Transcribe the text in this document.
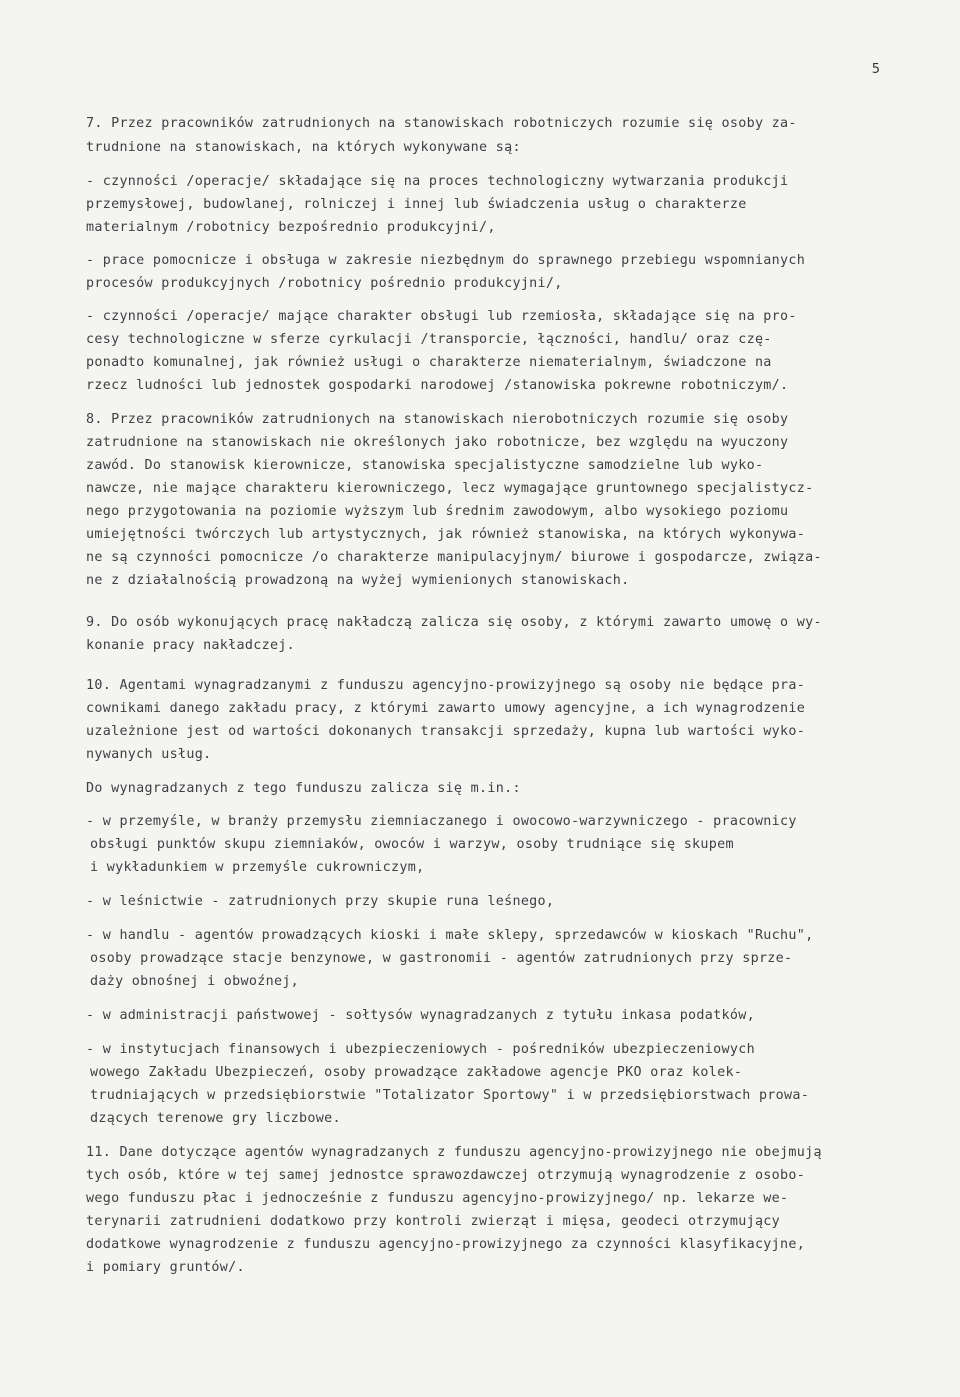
5
7. Przez pracowników zatrudnionych na stanowiskach robotniczych rozumie się osoby za-
trudnione na stanowiskach, na których wykonywane są:
- czynności /operacje/ składające się na proces technologiczny wytwarzania produkcji
przemysłowej, budowlanej, rolniczej i innej lub świadczenia usług o charakterze
materialnym /robotnicy bezpośrednio produkcyjni/,
- prace pomocnicze i obsługa w zakresie niezbędnym do sprawnego przebiegu wspomnianych
procesów produkcyjnych /robotnicy pośrednio produkcyjni/,
- czynności /operacje/ mające charakter obsługi lub rzemiosła, składające się na pro-
cesy technologiczne w sferze cyrkulacji /transporcie, łączności, handlu/ oraz czę-
ponadto komunalnej, jak również usługi o charakterze niematerialnym, świadczone na
rzecz ludności lub jednostek gospodarki narodowej /stanowiska pokrewne robotniczym/.
8. Przez pracowników zatrudnionych na stanowiskach nierobotniczych rozumie się osoby
zatrudnione na stanowiskach nie określonych jako robotnicze, bez względu na wyuczony
zawód. Do stanowisk kierownicze, stanowiska specjalistyczne samodzielne lub wyko-
nawcze, nie mające charakteru kierowniczego, lecz wymagające gruntownego specjalistycz-
nego przygotowania na poziomie wyższym lub średnim zawodowym, albo wysokiego poziomu
umiejętności twórczych lub artystycznych, jak również stanowiska, na których wykonywa-
ne są czynności pomocnicze /o charakterze manipulacyjnym/ biurowe i gospodarcze, związa-
ne z działalnością prowadzoną na wyżej wymienionych stanowiskach.
9. Do osób wykonujących pracę nakładczą zalicza się osoby, z którymi zawarto umowę o wy-
konanie pracy nakładczej.
10. Agentami wynagradzanymi z funduszu agencyjno-prowizyjnego są osoby nie będące pra-
cownikami danego zakładu pracy, z którymi zawarto umowy agencyjne, a ich wynagrodzenie
uzależnione jest od wartości dokonanych transakcji sprzedaży, kupna lub wartości wyko-
nywanych usług.
Do wynagradzanych z tego funduszu zalicza się m.in.:
- w przemyśle, w branży przemysłu ziemniaczanego i owocowo-warzywniczego - pracownicy
obsługi punktów skupu ziemniaków, owoców i warzyw, osoby trudniące się skupem
i wykładunkiem w przemyśle cukrowniczym,
- w leśnictwie - zatrudnionych przy skupie runa leśnego,
- w handlu - agentów prowadzących kioski i małe sklepy, sprzedawców w kioskach "Ruchu",
osoby prowadzące stacje benzynowe, w gastronomii - agentów zatrudnionych przy sprze-
daży obnośnej i obwoźnej,
- w administracji państwowej - sołtysów wynagradzanych z tytułu inkasa podatków,
- w instytucjach finansowych i ubezpieczeniowych - pośredników ubezpieczeniowych
wowego Zakładu Ubezpieczeń, osoby prowadzące zakładowe agencje PKO oraz kolek-
trudniających w przedsiębiorstwie "Totalizator Sportowy" i w przedsiębiorstwach prowa-
dzących terenowe gry liczbowe.
11. Dane dotyczące agentów wynagradzanych z funduszu agencyjno-prowizyjnego nie obejmują
tych osób, które w tej samej jednostce sprawozdawczej otrzymują wynagrodzenie z osobo-
wego funduszu płac i jednocześnie z funduszu agencyjno-prowizyjnego/ np. lekarze we-
terynarii zatrudnieni dodatkowo przy kontroli zwierząt i mięsa, geodeci otrzymujący
dodatkowe wynagrodzenie z funduszu agencyjno-prowizyjnego za czynności klasyfikacyjne,
i pomiary gruntów/.
